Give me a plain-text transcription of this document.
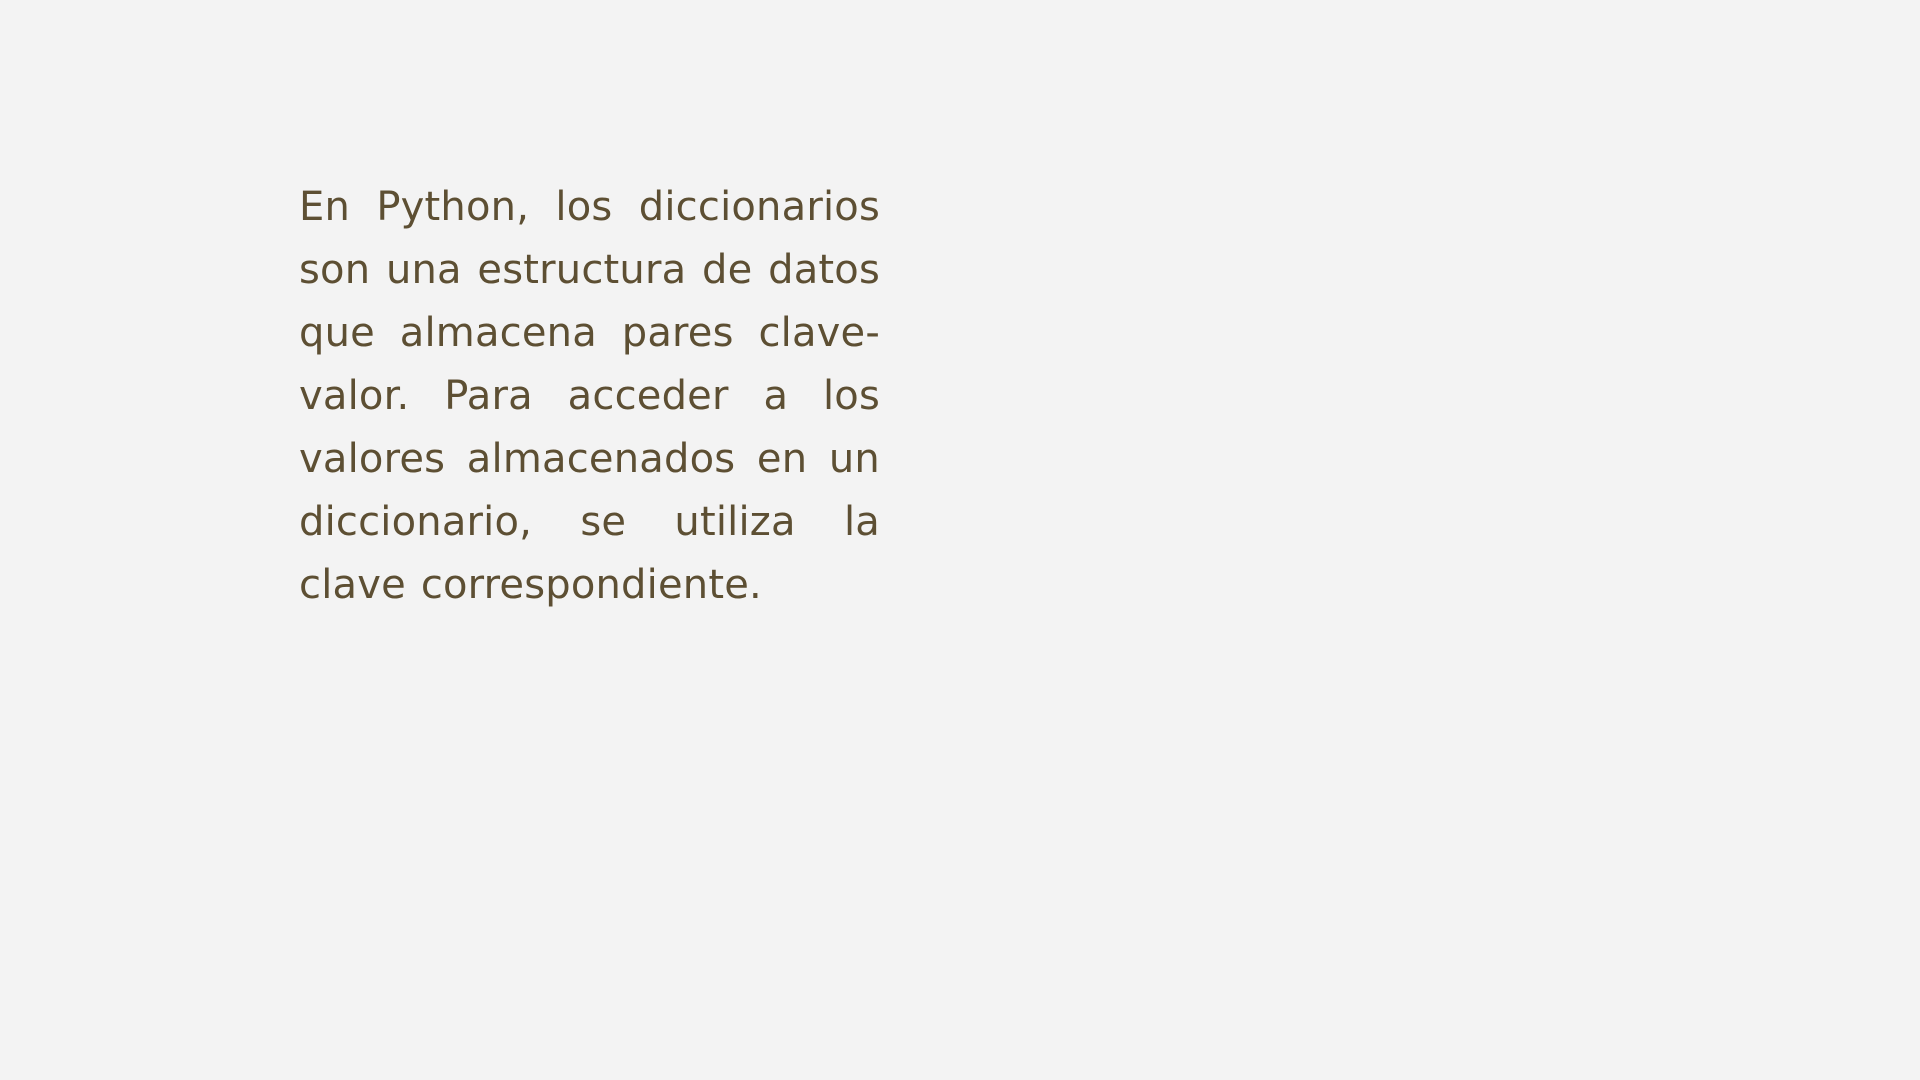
En Python, los diccionarios son una estructura de datos que almacena pares clave-valor. Para acceder a los valores almacenados en un diccionario, se utiliza la clave correspondiente.
